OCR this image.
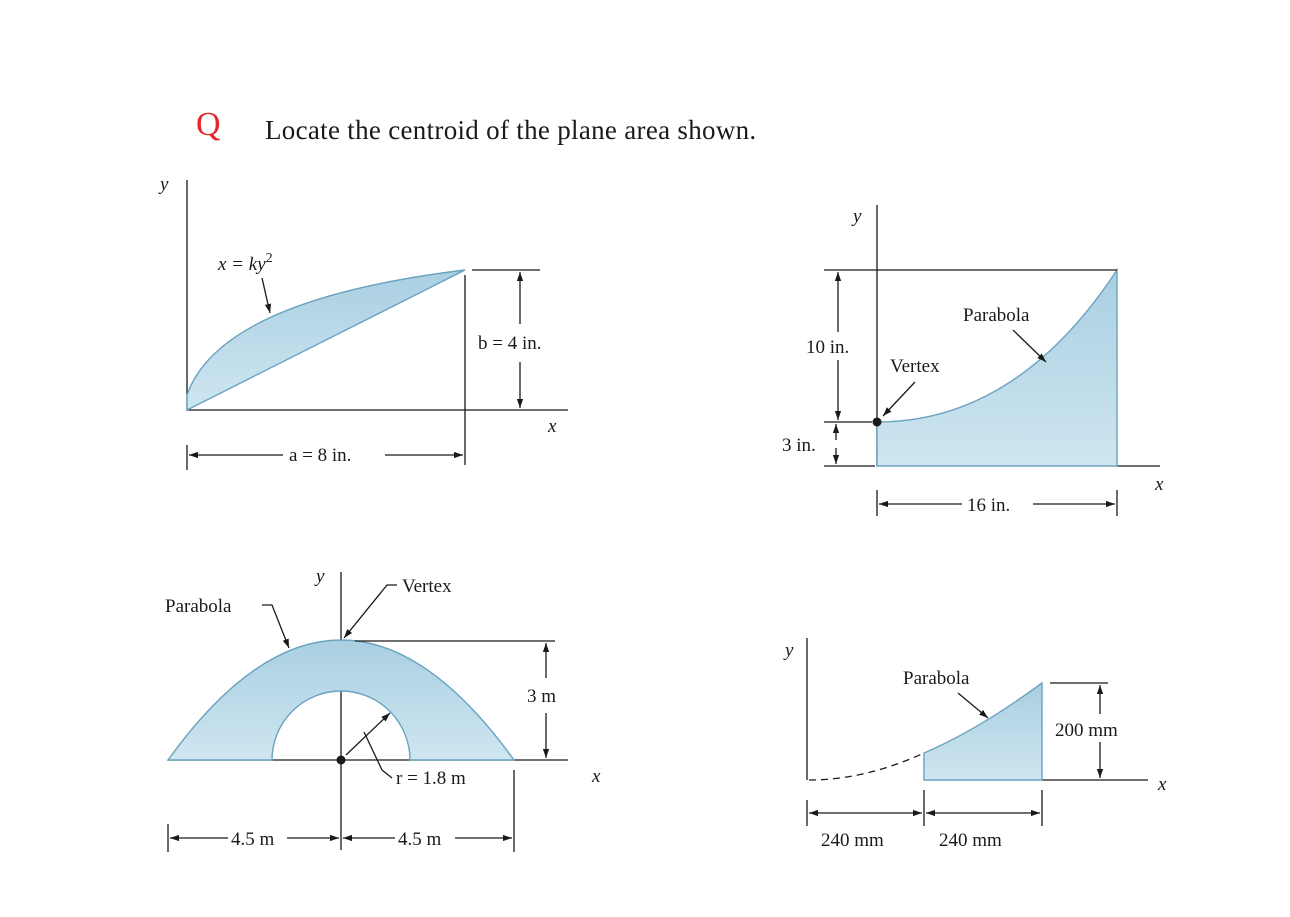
Q Locate the centroid of the plane area shown.
y
x
$x = ky^2$
b = 4 in.
a = 8 in.
y
x
10 in.
3 in.
Parabola
Vertex
16 in.
y
x
r = 1.8 m
3 m
Parabola
Vertex
4.5 m	4.5 m
y
x
Parabola
200 mm
240 mm	240 mm
